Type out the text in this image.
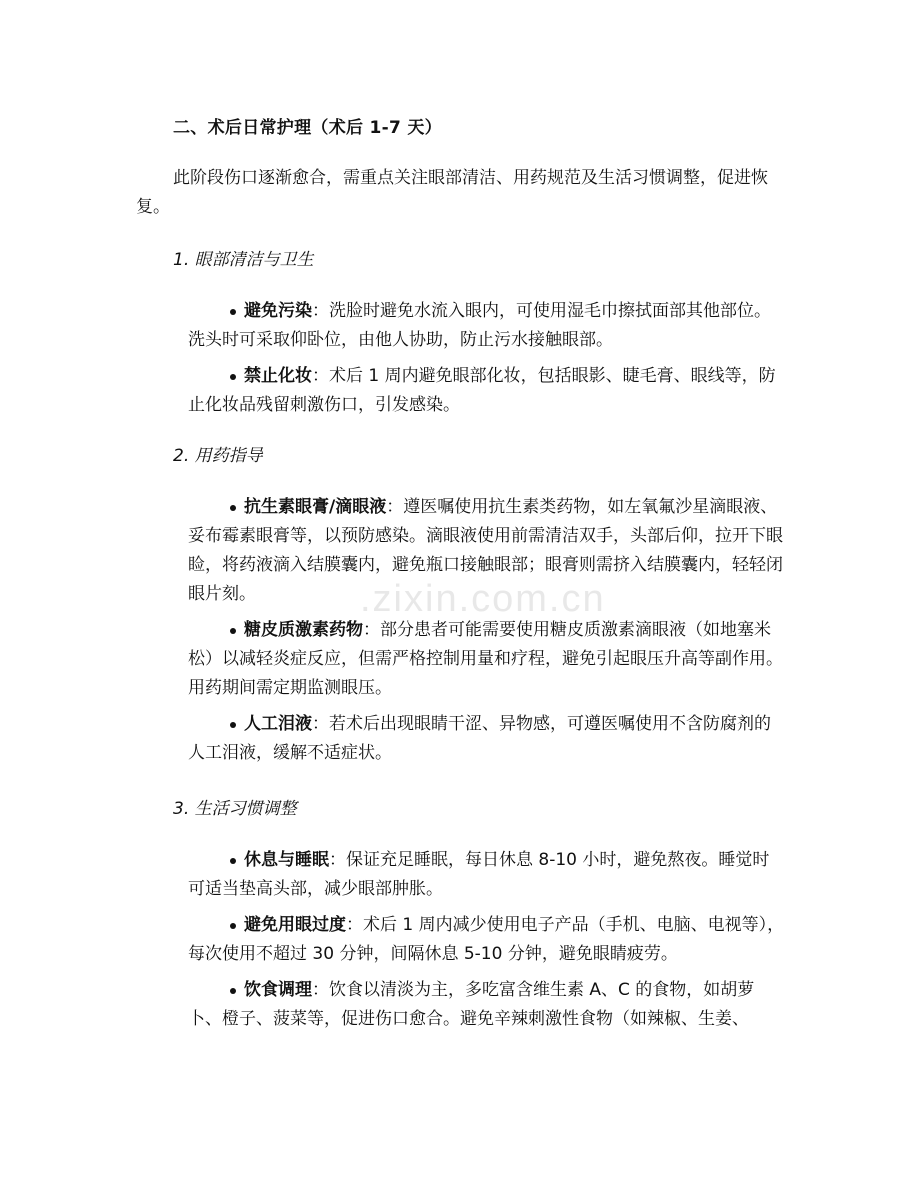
.zixin.com.cn
二、术后日常护理（术后 1-7 天）

此阶段伤口逐渐愈合，需重点关注眼部清洁、用药规范及生活习惯调整，促进恢复。

1. 眼部清洁与卫生
避免污染：洗脸时避免水流入眼内，可使用湿毛巾擦拭面部其他部位。洗头时可采取仰卧位，由他人协助，防止污水接触眼部。
禁止化妆：术后 1 周内避免眼部化妆，包括眼影、睫毛膏、眼线等，防止化妆品残留刺激伤口，引发感染。
2. 用药指导
抗生素眼膏/滴眼液：遵医嘱使用抗生素类药物，如左氧氟沙星滴眼液、妥布霉素眼膏等，以预防感染。滴眼液使用前需清洁双手，头部后仰，拉开下眼睑，将药液滴入结膜囊内，避免瓶口接触眼部；眼膏则需挤入结膜囊内，轻轻闭眼片刻。
糖皮质激素药物：部分患者可能需要使用糖皮质激素滴眼液（如地塞米松）以减轻炎症反应，但需严格控制用量和疗程，避免引起眼压升高等副作用。用药期间需定期监测眼压。
人工泪液：若术后出现眼睛干涩、异物感，可遵医嘱使用不含防腐剂的人工泪液，缓解不适症状。
3. 生活习惯调整
休息与睡眠：保证充足睡眠，每日休息 8-10 小时，避免熬夜。睡觉时可适当垫高头部，减少眼部肿胀。
避免用眼过度：术后 1 周内减少使用电子产品（手机、电脑、电视等），每次使用不超过 30 分钟，间隔休息 5-10 分钟，避免眼睛疲劳。
饮食调理：饮食以清淡为主，多吃富含维生素 A、C 的食物，如胡萝卜、橙子、菠菜等，促进伤口愈合。避免辛辣刺激性食物（如辣椒、生姜、
